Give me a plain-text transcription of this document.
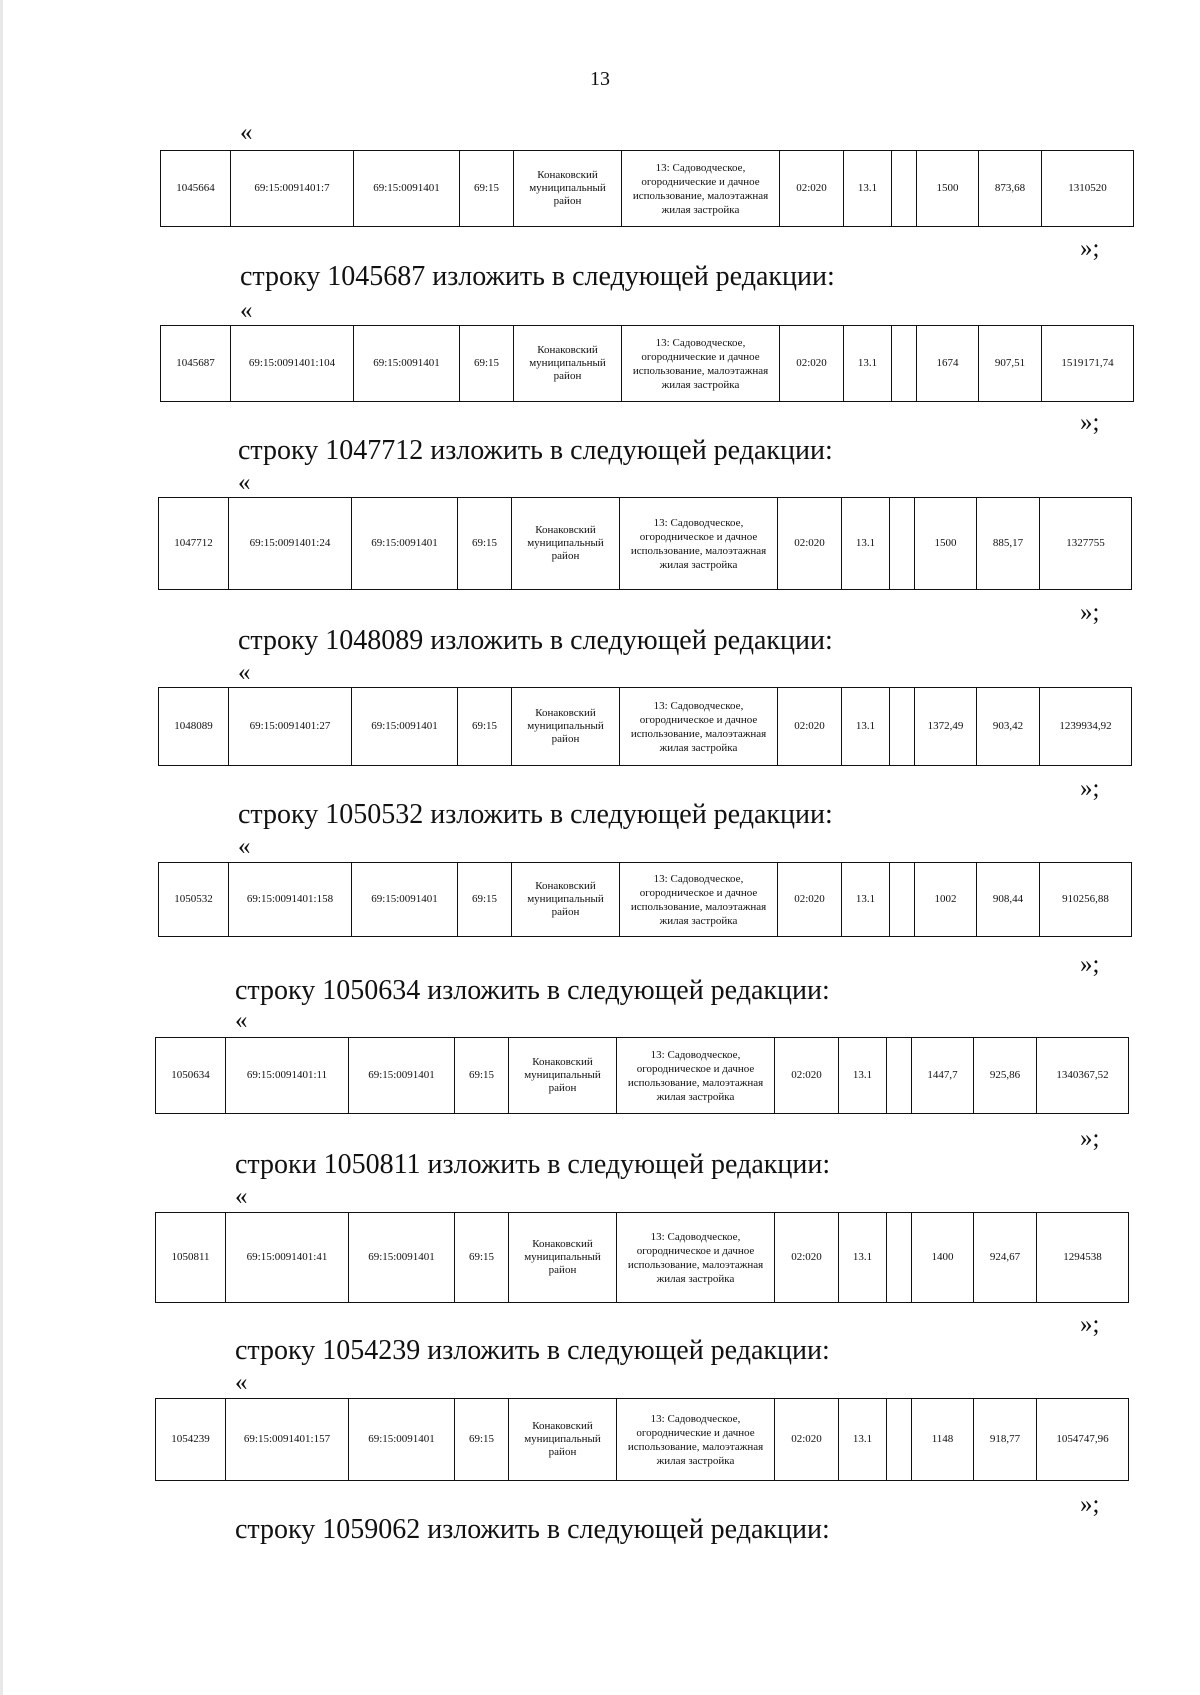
13
«
1045664	69:15:0091401:7	69:15:0091401	69:15	Конаковский муниципальный район	13: Садоводческое, огороднические и дачное использование, малоэтажная жилая застройка	02:020	13.1		1500	873,68	1310520
»;
строку 1045687 изложить в следующей редакции:
«
1045687	69:15:0091401:104	69:15:0091401	69:15	Конаковский муниципальный район	13: Садоводческое, огороднические и дачное использование, малоэтажная жилая застройка	02:020	13.1		1674	907,51	1519171,74
»;
строку 1047712 изложить в следующей редакции:
«
1047712	69:15:0091401:24	69:15:0091401	69:15	Конаковский муниципальный район	13: Садоводческое, огородническое и дачное использование, малоэтажная жилая застройка	02:020	13.1		1500	885,17	1327755
»;
строку 1048089 изложить в следующей редакции:
«
1048089	69:15:0091401:27	69:15:0091401	69:15	Конаковский муниципальный район	13: Садоводческое, огородническое и дачное использование, малоэтажная жилая застройка	02:020	13.1		1372,49	903,42	1239934,92
»;
строку 1050532 изложить в следующей редакции:
«
1050532	69:15:0091401:158	69:15:0091401	69:15	Конаковский муниципальный район	13: Садоводческое, огородническое и дачное использование, малоэтажная жилая застройка	02:020	13.1		1002	908,44	910256,88
»;
строку 1050634 изложить в следующей редакции:
«
1050634	69:15:0091401:11	69:15:0091401	69:15	Конаковский муниципальный район	13: Садоводческое, огородническое и дачное использование, малоэтажная жилая застройка	02:020	13.1		1447,7	925,86	1340367,52
»;
строки 1050811 изложить в следующей редакции:
«
1050811	69:15:0091401:41	69:15:0091401	69:15	Конаковский муниципальный район	13: Садоводческое, огородническое и дачное использование, малоэтажная жилая застройка	02:020	13.1		1400	924,67	1294538
»;
строку 1054239 изложить в следующей редакции:
«
1054239	69:15:0091401:157	69:15:0091401	69:15	Конаковский муниципальный район	13: Садоводческое, огороднические и дачное использование, малоэтажная жилая застройка	02:020	13.1		1148	918,77	1054747,96
»;
строку 1059062 изложить в следующей редакции:
